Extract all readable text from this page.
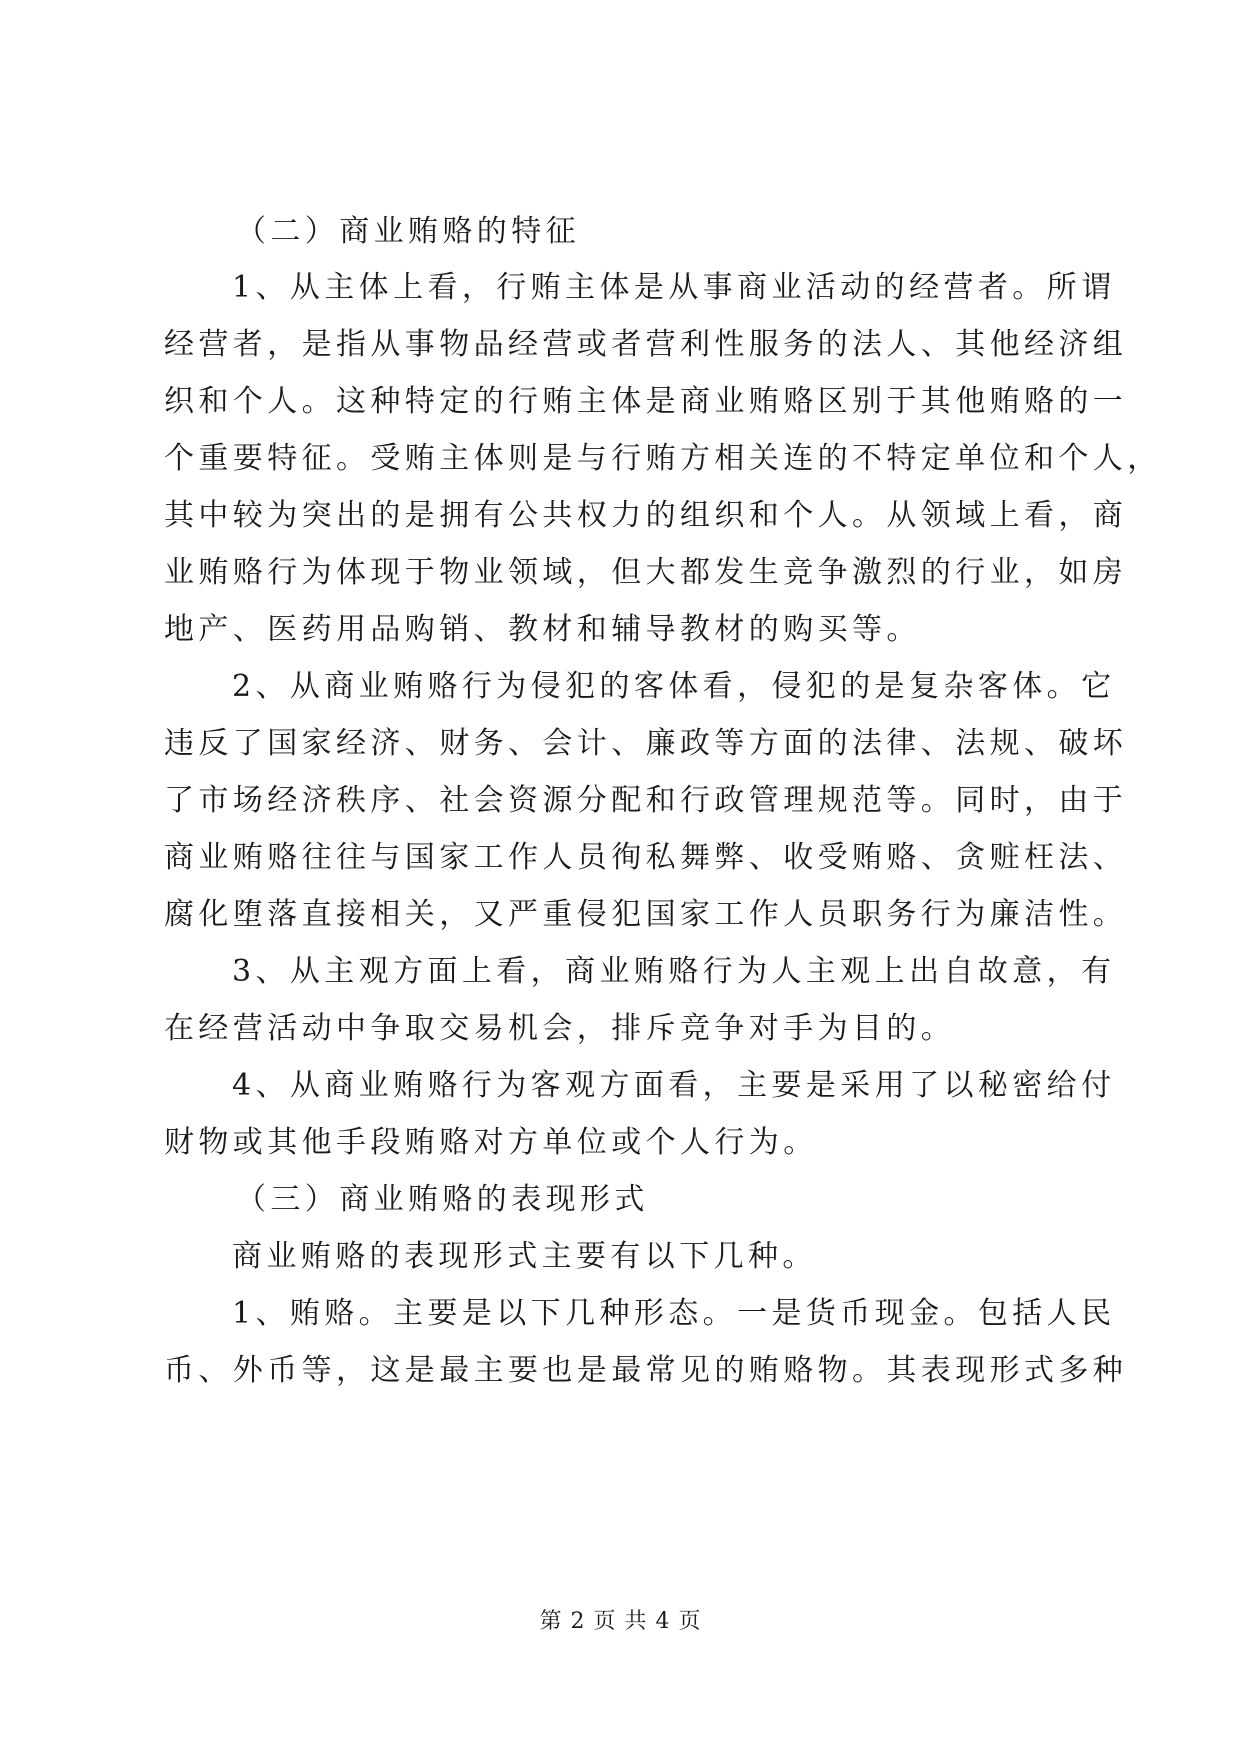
（二）商业贿赂的特征
1、从主体上看，行贿主体是从事商业活动的经营者。所谓
经营者，是指从事物品经营或者营利性服务的法人、其他经济组
织和个人。这种特定的行贿主体是商业贿赂区别于其他贿赂的一
个重要特征。受贿主体则是与行贿方相关连的不特定单位和个人，
其中较为突出的是拥有公共权力的组织和个人。从领域上看，商
业贿赂行为体现于物业领域，但大都发生竞争激烈的行业，如房
地产、医药用品购销、教材和辅导教材的购买等。
2、从商业贿赂行为侵犯的客体看，侵犯的是复杂客体。它
违反了国家经济、财务、会计、廉政等方面的法律、法规、破坏
了市场经济秩序、社会资源分配和行政管理规范等。同时，由于
商业贿赂往往与国家工作人员徇私舞弊、收受贿赂、贪赃枉法、
腐化堕落直接相关，又严重侵犯国家工作人员职务行为廉洁性。
3、从主观方面上看，商业贿赂行为人主观上出自故意，有
在经营活动中争取交易机会，排斥竞争对手为目的。
4、从商业贿赂行为客观方面看，主要是采用了以秘密给付
财物或其他手段贿赂对方单位或个人行为。
（三）商业贿赂的表现形式
商业贿赂的表现形式主要有以下几种。
1、贿赂。主要是以下几种形态。一是货币现金。包括人民
币、外币等，这是最主要也是最常见的贿赂物。其表现形式多种
第 2 页 共 4 页
